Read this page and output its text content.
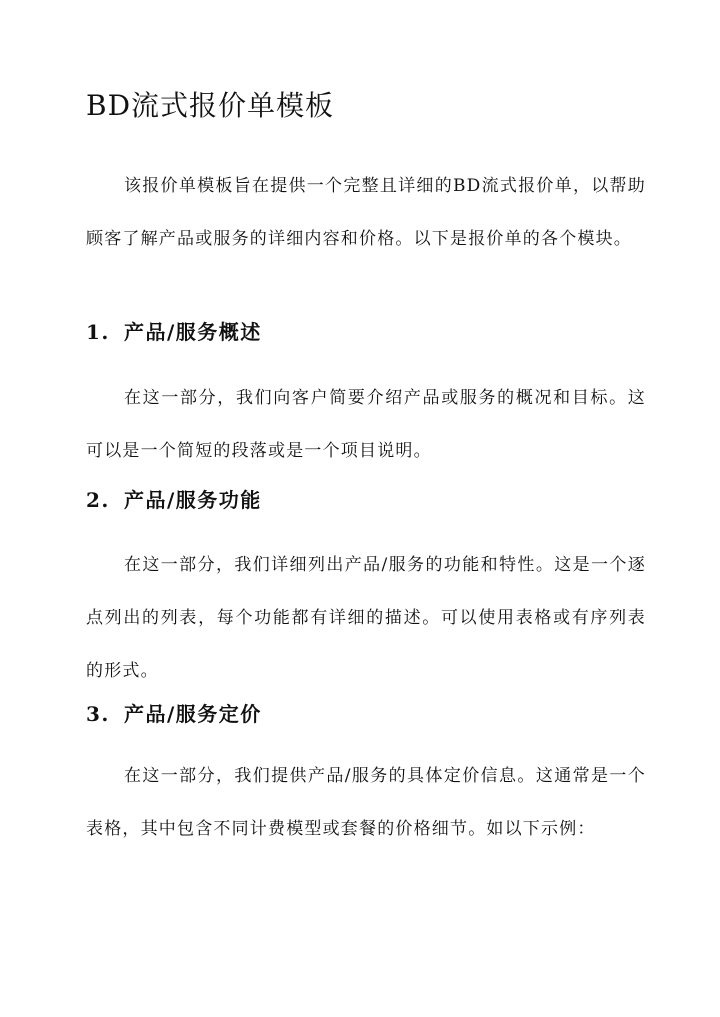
BD流式报价单模板

该报价单模板旨在提供一个完整且详细的BD流式报价单，以帮助顾客了解产品或服务的详细内容和价格。以下是报价单的各个模块。

1. 产品/服务概述

在这一部分，我们向客户简要介绍产品或服务的概况和目标。这可以是一个简短的段落或是一个项目说明。

2. 产品/服务功能

在这一部分，我们详细列出产品/服务的功能和特性。这是一个逐点列出的列表，每个功能都有详细的描述。可以使用表格或有序列表的形式。

3. 产品/服务定价

在这一部分，我们提供产品/服务的具体定价信息。这通常是一个表格，其中包含不同计费模型或套餐的价格细节。如以下示例：
